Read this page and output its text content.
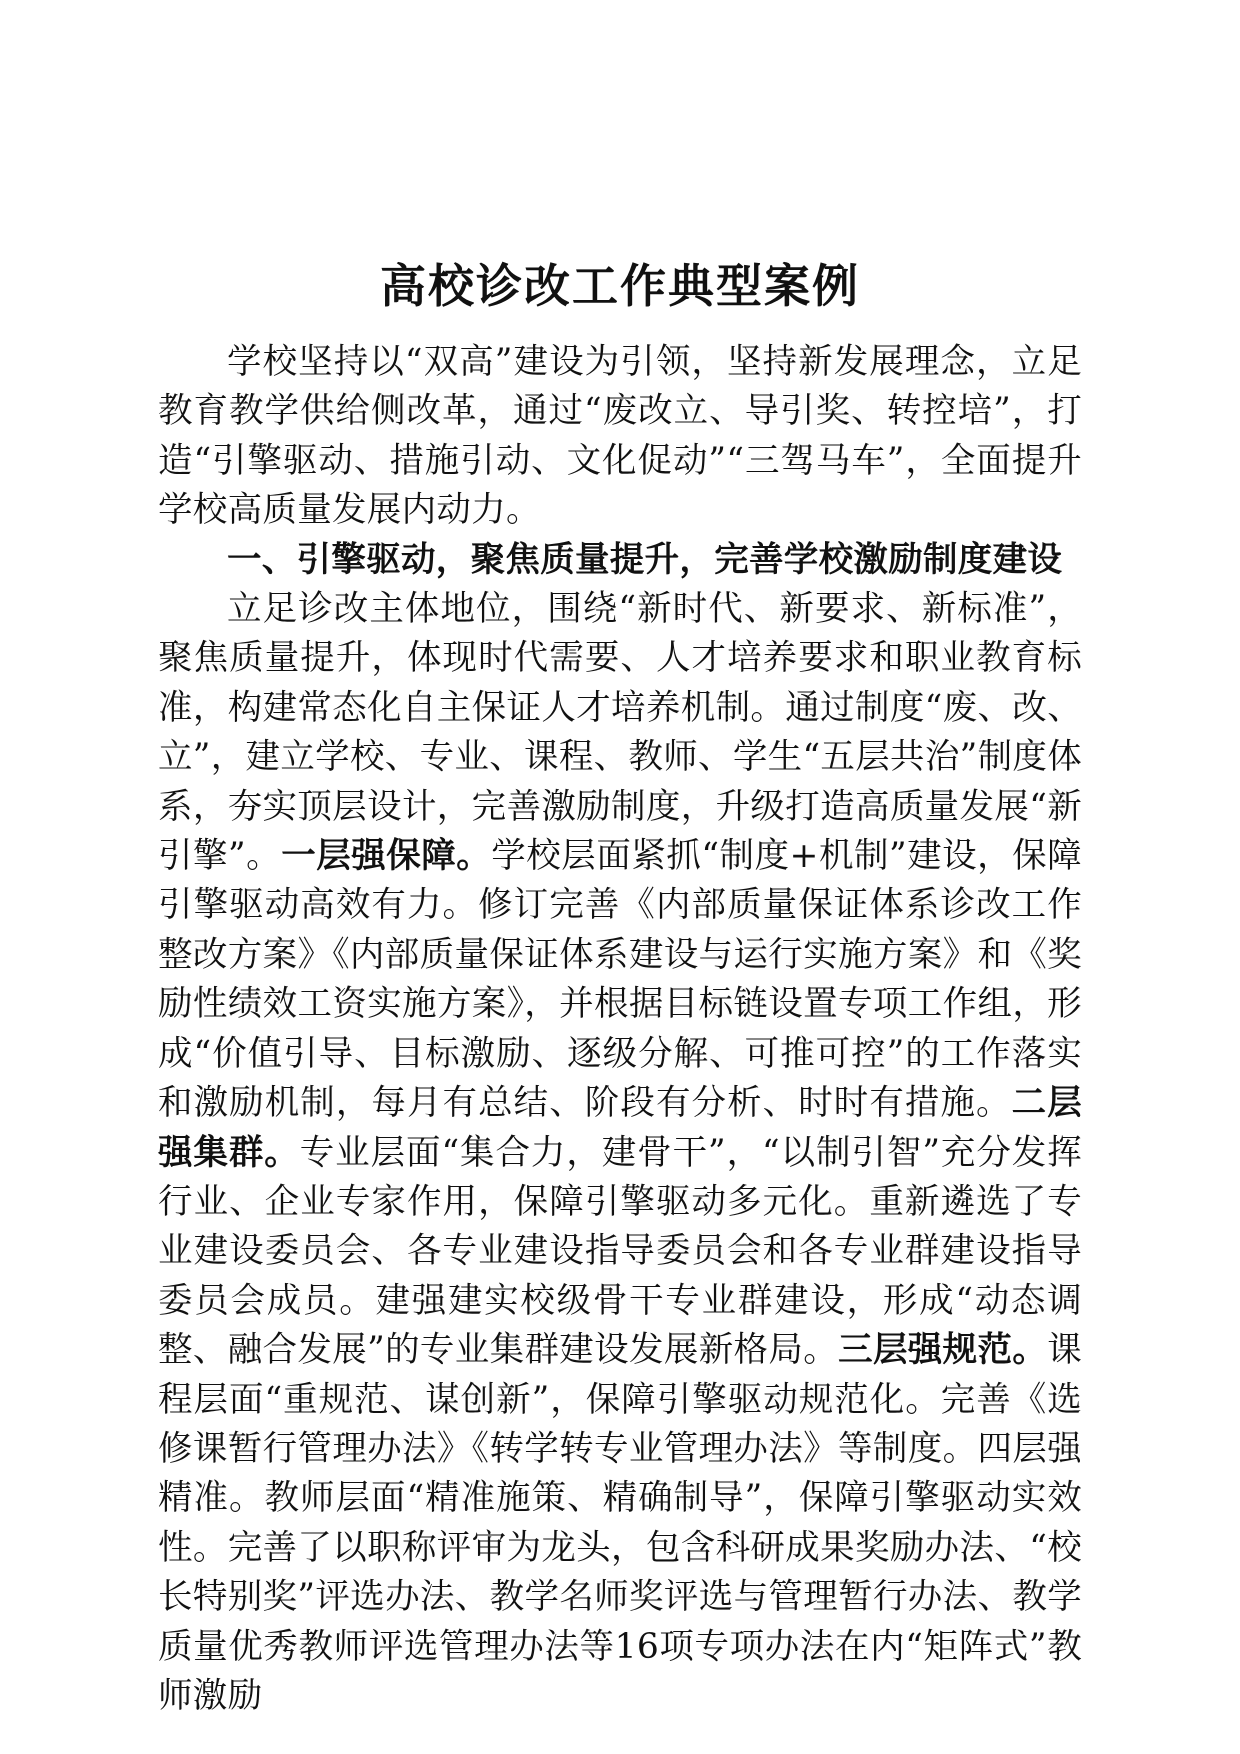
高校诊改工作典型案例

学校坚持以“双高”建设为引领，坚持新发展理念，立足教育教学供给侧改革，通过“废改立、导引奖、转控培”，打造“引擎驱动、措施引动、文化促动”“三驾马车”，全面提升学校高质量发展内动力。

一、引擎驱动，聚焦质量提升，完善学校激励制度建设

立足诊改主体地位，围绕“新时代、新要求、新标准”，聚焦质量提升，体现时代需要、人才培养要求和职业教育标准，构建常态化自主保证人才培养机制。通过制度“废、改、立”，建立学校、专业、课程、教师、学生“五层共治”制度体系，夯实顶层设计，完善激励制度，升级打造高质量发展“新引擎”。一层强保障。学校层面紧抓“制度+机制”建设，保障引擎驱动高效有力。修订完善《内部质量保证体系诊改工作整改方案》《内部质量保证体系建设与运行实施方案》和《奖励性绩效工资实施方案》，并根据目标链设置专项工作组，形成“价值引导、目标激励、逐级分解、可推可控”的工作落实和激励机制，每月有总结、阶段有分析、时时有措施。二层强集群。专业层面“集合力，建骨干”，“以制引智”充分发挥行业、企业专家作用，保障引擎驱动多元化。重新遴选了专业建设委员会、各专业建设指导委员会和各专业群建设指导委员会成员。建强建实校级骨干专业群建设，形成“动态调整、融合发展”的专业集群建设发展新格局。三层强规范。课程层面“重规范、谋创新”，保障引擎驱动规范化。完善《选修课暂行管理办法》《转学转专业管理办法》等制度。四层强精准。教师层面“精准施策、精确制导”，保障引擎驱动实效性。完善了以职称评审为龙头，包含科研成果奖励办法、“校长特别奖”评选办法、教学名师奖评选与管理暂行办法、教学质量优秀教师评选管理办法等16项专项办法在内“矩阵式”教师激励
